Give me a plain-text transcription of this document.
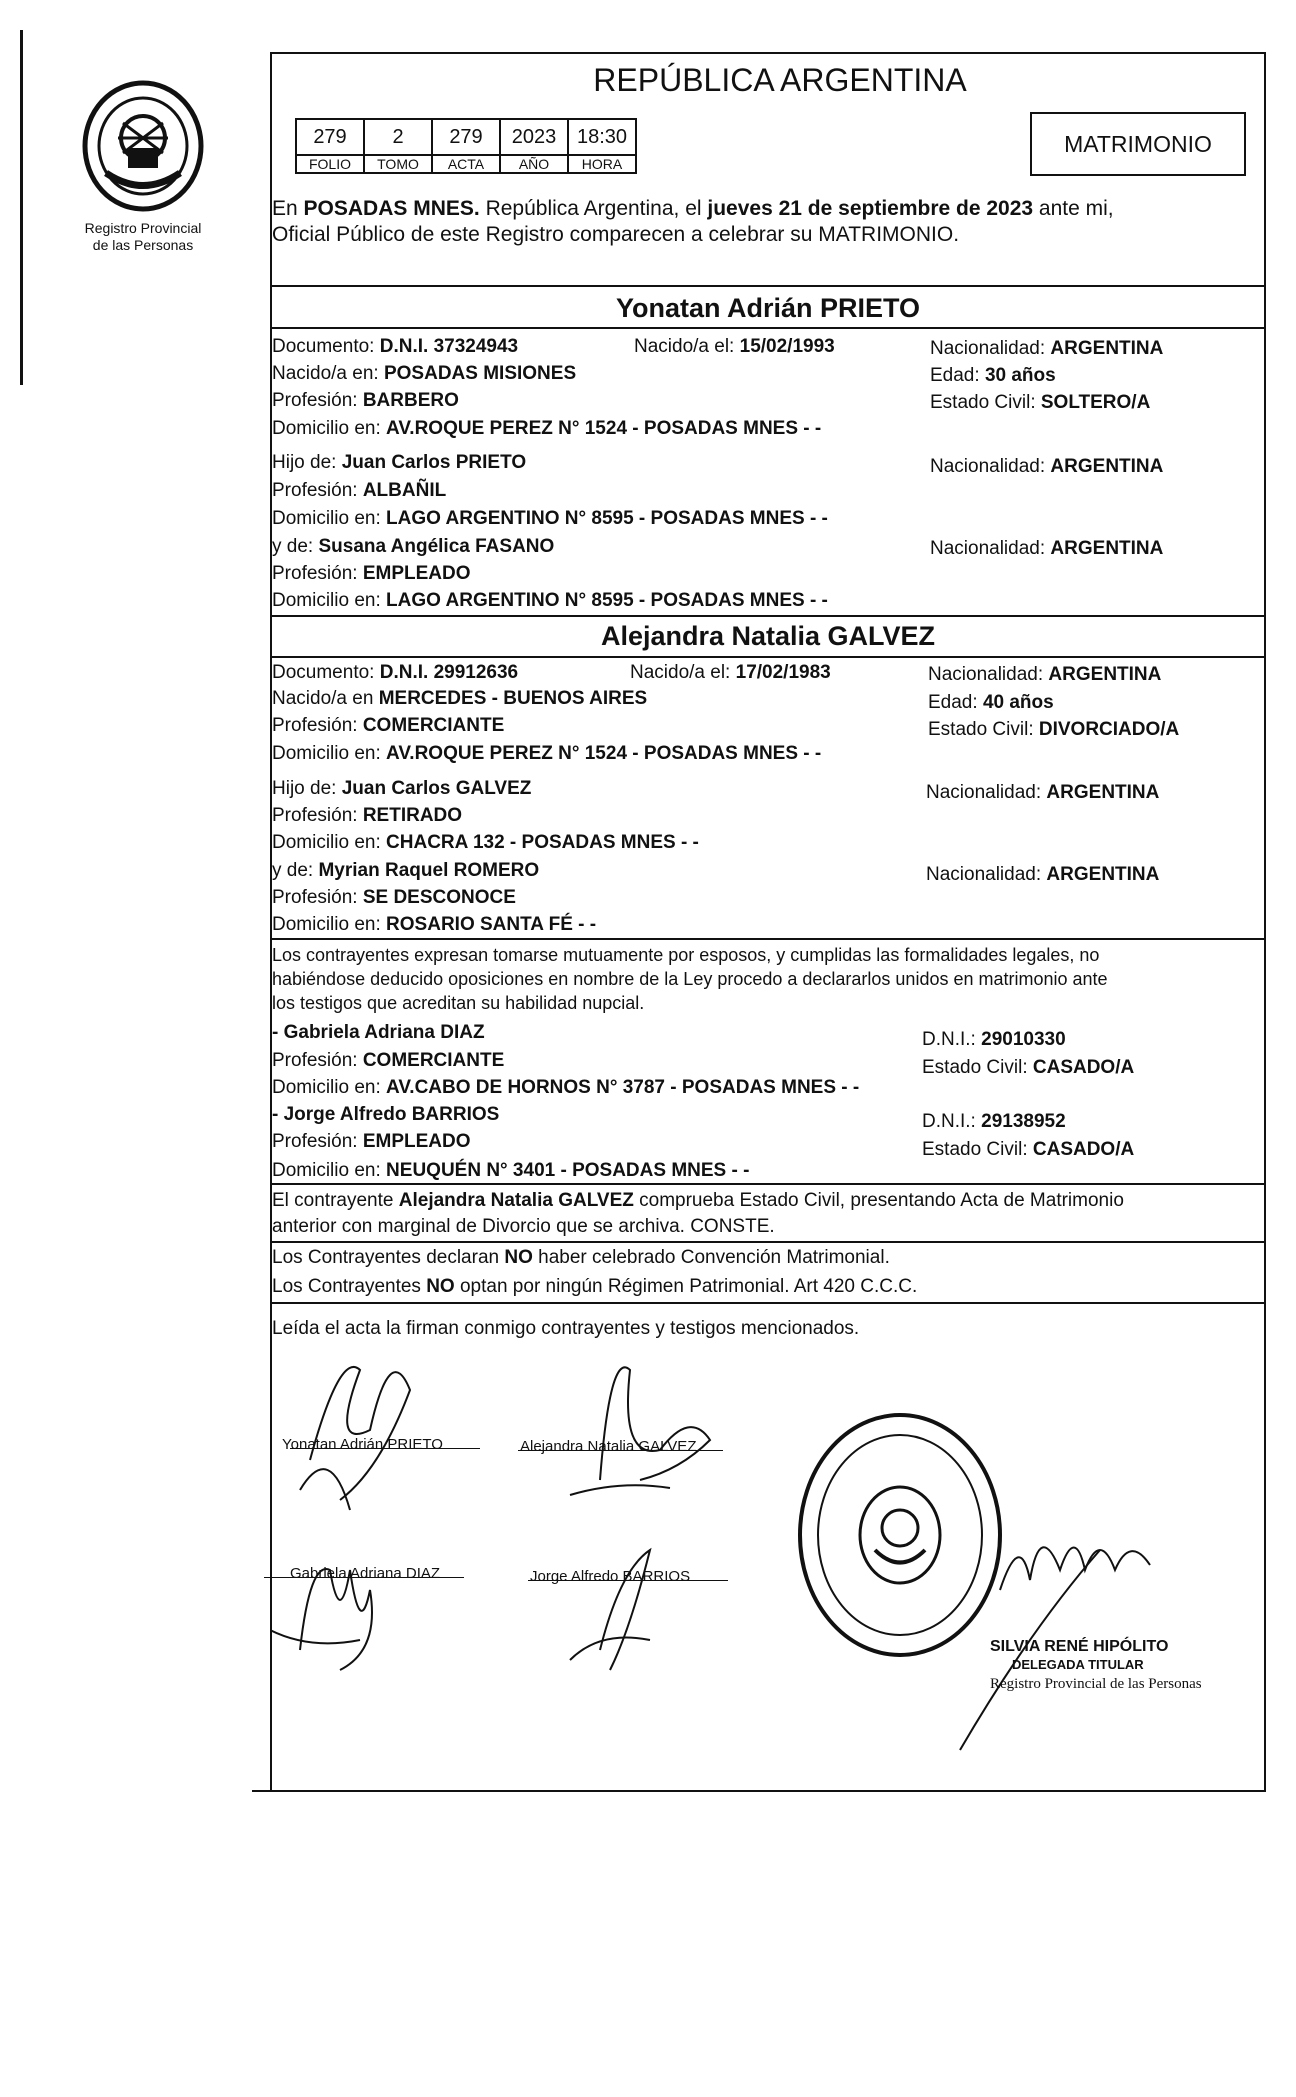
Registro Provincial
de las Personas
REPÚBLICA ARGENTINA
279	2	279	2023	18:30
FOLIO	TOMO	ACTA	AÑO	HORA
MATRIMONIO
En POSADAS MNES. República Argentina, el jueves 21 de septiembre de 2023 ante mi,
Oficial Público de este Registro comparecen a celebrar su MATRIMONIO.
Yonatan Adrián PRIETO
Documento: D.N.I. 37324943	Nacido/a el: 15/02/1993	Nacionalidad: ARGENTINA
Nacido/a en: POSADAS MISIONES	Edad: 30 años
Profesión: BARBERO	Estado Civil: SOLTERO/A
Domicilio en: AV.ROQUE PEREZ N° 1524 - POSADAS MNES - -
Hijo de: Juan Carlos PRIETO	Nacionalidad: ARGENTINA
Profesión: ALBAÑIL
Domicilio en: LAGO ARGENTINO N° 8595 - POSADAS MNES - -
y de: Susana Angélica FASANO	Nacionalidad: ARGENTINA
Profesión: EMPLEADO
Domicilio en: LAGO ARGENTINO N° 8595 - POSADAS MNES - -
Alejandra Natalia GALVEZ
Documento: D.N.I. 29912636	Nacido/a el: 17/02/1983	Nacionalidad: ARGENTINA
Nacido/a en MERCEDES - BUENOS AIRES	Edad: 40 años
Profesión: COMERCIANTE	Estado Civil: DIVORCIADO/A
Domicilio en: AV.ROQUE PEREZ N° 1524 - POSADAS MNES - -
Hijo de: Juan Carlos GALVEZ	Nacionalidad: ARGENTINA
Profesión: RETIRADO
Domicilio en: CHACRA 132 - POSADAS MNES - -
y de: Myrian Raquel ROMERO	Nacionalidad: ARGENTINA
Profesión: SE DESCONOCE
Domicilio en: ROSARIO SANTA FÉ - -
Los contrayentes expresan tomarse mutuamente por esposos, y cumplidas las formalidades legales, no
habiéndose deducido oposiciones en nombre de la Ley procedo a declararlos unidos en matrimonio ante
los testigos que acreditan su habilidad nupcial.
- Gabriela Adriana DIAZ	D.N.I.: 29010330
Profesión: COMERCIANTE	Estado Civil: CASADO/A
Domicilio en: AV.CABO DE HORNOS N° 3787 - POSADAS MNES - -
- Jorge Alfredo BARRIOS	D.N.I.: 29138952
Profesión: EMPLEADO	Estado Civil: CASADO/A
Domicilio en: NEUQUÉN N° 3401 - POSADAS MNES - -
El contrayente Alejandra Natalia GALVEZ comprueba Estado Civil, presentando Acta de Matrimonio
anterior con marginal de Divorcio que se archiva. CONSTE.
Los Contrayentes declaran NO haber celebrado Convención Matrimonial.
Los Contrayentes NO optan por ningún Régimen Patrimonial. Art 420 C.C.C.
Leída el acta la firman conmigo contrayentes y testigos mencionados.
Yonatan Adrián PRIETO	Alejandra Natalia GALVEZ
Gabriela Adriana DIAZ	Jorge Alfredo BARRIOS
SILVIA RENÉ HIPÓLITO
DELEGADA TITULAR
Registro Provincial de las Personas
